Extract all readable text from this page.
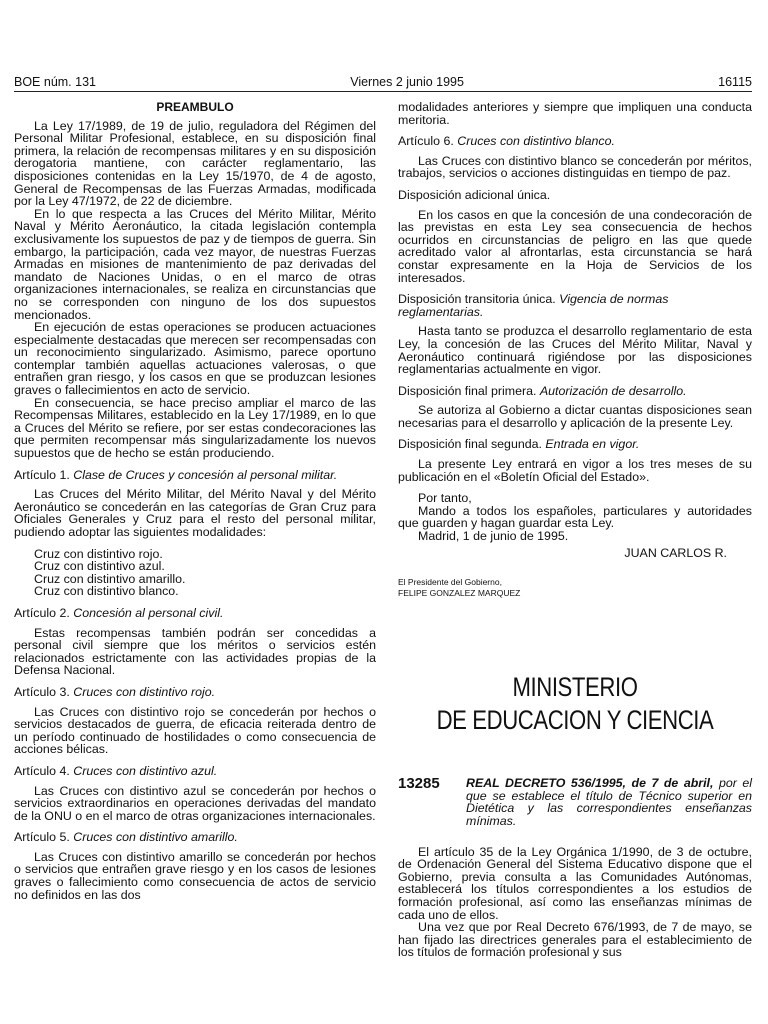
BOE núm. 131	Viernes 2 junio 1995	16115
PREAMBULO

La Ley 17/1989, de 19 de julio, reguladora del Régimen del Personal Militar Profesional, establece, en su disposición final primera, la relación de recompensas militares y en su disposición derogatoria mantiene, con carácter reglamentario, las disposiciones contenidas en la Ley 15/1970, de 4 de agosto, General de Recompensas de las Fuerzas Armadas, modificada por la Ley 47/1972, de 22 de diciembre.

En lo que respecta a las Cruces del Mérito Militar, Mérito Naval y Mérito Aeronáutico, la citada legislación contempla exclusivamente los supuestos de paz y de tiempos de guerra. Sin embargo, la participación, cada vez mayor, de nuestras Fuerzas Armadas en misiones de mantenimiento de paz derivadas del mandato de Naciones Unidas, o en el marco de otras organizaciones internacionales, se realiza en circunstancias que no se corresponden con ninguno de los dos supuestos mencionados.

En ejecución de estas operaciones se producen actuaciones especialmente destacadas que merecen ser recompensadas con un reconocimiento singularizado. Asimismo, parece oportuno contemplar también aquellas actuaciones valerosas, o que entrañen gran riesgo, y los casos en que se produzcan lesiones graves o fallecimientos en acto de servicio.

En consecuencia, se hace preciso ampliar el marco de las Recompensas Militares, establecido en la Ley 17/1989, en lo que a Cruces del Mérito se refiere, por ser estas condecoraciones las que permiten recompensar más singularizadamente los nuevos supuestos que de hecho se están produciendo.

Artículo 1. Clase de Cruces y concesión al personal militar.

Las Cruces del Mérito Militar, del Mérito Naval y del Mérito Aeronáutico se concederán en las categorías de Gran Cruz para Oficiales Generales y Cruz para el resto del personal militar, pudiendo adoptar las siguientes modalidades:

Cruz con distintivo rojo.
Cruz con distintivo azul.
Cruz con distintivo amarillo.
Cruz con distintivo blanco.
Artículo 2. Concesión al personal civil.

Estas recompensas también podrán ser concedidas a personal civil siempre que los méritos o servicios estén relacionados estrictamente con las actividades propias de la Defensa Nacional.

Artículo 3. Cruces con distintivo rojo.

Las Cruces con distintivo rojo se concederán por hechos o servicios destacados de guerra, de eficacia reiterada dentro de un período continuado de hostilidades o como consecuencia de acciones bélicas.

Artículo 4. Cruces con distintivo azul.

Las Cruces con distintivo azul se concederán por hechos o servicios extraordinarios en operaciones derivadas del mandato de la ONU o en el marco de otras organizaciones internacionales.

Artículo 5. Cruces con distintivo amarillo.

Las Cruces con distintivo amarillo se concederán por hechos o servicios que entrañen grave riesgo y en los casos de lesiones graves o fallecimiento como consecuencia de actos de servicio no definidos en las dos

modalidades anteriores y siempre que impliquen una conducta meritoria.

Artículo 6. Cruces con distintivo blanco.

Las Cruces con distintivo blanco se concederán por méritos, trabajos, servicios o acciones distinguidas en tiempo de paz.

Disposición adicional única.

En los casos en que la concesión de una condecoración de las previstas en esta Ley sea consecuencia de hechos ocurridos en circunstancias de peligro en las que quede acreditado valor al afrontarlas, esta circunstancia se hará constar expresamente en la Hoja de Servicios de los interesados.

Disposición transitoria única. Vigencia de normas reglamentarias.

Hasta tanto se produzca el desarrollo reglamentario de esta Ley, la concesión de las Cruces del Mérito Militar, Naval y Aeronáutico continuará rigiéndose por las disposiciones reglamentarias actualmente en vigor.

Disposición final primera. Autorización de desarrollo.

Se autoriza al Gobierno a dictar cuantas disposiciones sean necesarias para el desarrollo y aplicación de la presente Ley.

Disposición final segunda. Entrada en vigor.

La presente Ley entrará en vigor a los tres meses de su publicación en el «Boletín Oficial del Estado».

Por tanto,

Mando a todos los españoles, particulares y autoridades que guarden y hagan guardar esta Ley.

Madrid, 1 de junio de 1995.

JUAN CARLOS R.
El Presidente del Gobierno,
FELIPE GONZALEZ MARQUEZ
MINISTERIO
DE EDUCACION Y CIENCIA
13285	REAL DECRETO 536/1995, de 7 de abril, por el que se establece el título de Técnico superior en Dietética y las correspondientes enseñanzas mínimas.

El artículo 35 de la Ley Orgánica 1/1990, de 3 de octubre, de Ordenación General del Sistema Educativo dispone que el Gobierno, previa consulta a las Comunidades Autónomas, establecerá los títulos correspondientes a los estudios de formación profesional, así como las enseñanzas mínimas de cada uno de ellos.

Una vez que por Real Decreto 676/1993, de 7 de mayo, se han fijado las directrices generales para el establecimiento de los títulos de formación profesional y sus
